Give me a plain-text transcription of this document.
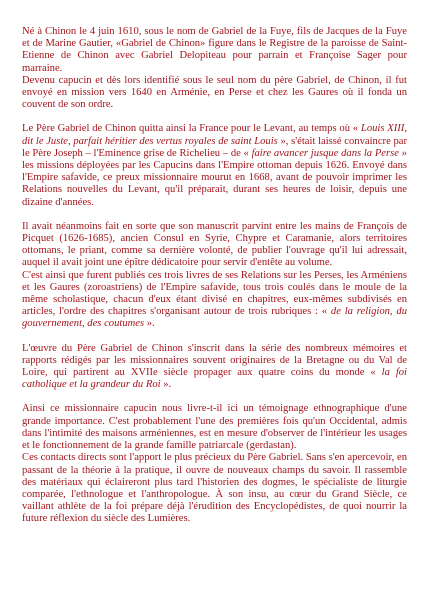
Né à Chinon le 4 juin 1610, sous le nom de Gabriel de la Fuye, fils de Jacques de la Fuye et de Marine Gautier, «Gabriel de Chinon» figure dans le Registre de la paroisse de Saint-Etienne de Chinon avec Gabriel Delopiteau pour parrain et Françoise Sager pour marraine.

Devenu capucin et dès lors identifié sous le seul nom du père Gabriel, de Chinon, il fut envoyé en mission vers 1640 en Arménie, en Perse et chez les Gaures où il fonda un couvent de son ordre.

Le Père Gabriel de Chinon quitta ainsi la France pour le Levant, au temps où « Louis XIII, dit le Juste, parfait héritier des vertus royales de saint Louis », s'était laissé convaincre par le Père Joseph – l'Eminence grise de Richelieu – de « faire avancer jusque dans la Perse » les missions déployées par les Capucins dans l'Empire ottoman depuis 1626. Envoyé dans l'Empire safavide, ce preux missionnaire mourut en 1668, avant de pouvoir imprimer les Relations nouvelles du Levant, qu'il préparait, durant ses heures de loisir, depuis une dizaine d'années.

Il avait néanmoins fait en sorte que son manuscrit parvint entre les mains de François de Picquet (1626-1685), ancien Consul en Syrie, Chypre et Caramanie, alors territoires ottomans, le priant, comme sa dernière volonté, de publier l'ouvrage qu'il lui adressait, auquel il avait joint une épître dédicatoire pour servir d'entête au volume.

C'est ainsi que furent publiés ces trois livres de ses Relations sur les Perses, les Arméniens et les Gaures (zoroastriens) de l'Empire safavide, tous trois coulés dans le moule de la même scholastique, chacun d'eux étant divisé en chapitres, eux-mêmes subdivisés en articles, l'ordre des chapitres s'organisant autour de trois rubriques : « de la religion, du gouvernement, des coutumes ».

L'œuvre du Père Gabriel de Chinon s'inscrit dans la série des nombreux mémoires et rapports rédigés par les missionnaires souvent originaires de la Bretagne ou du Val de Loire, qui partirent au XVIIe siècle propager aux quatre coins du monde « la foi catholique et la grandeur du Roi ».

Ainsi ce missionnaire capucin nous livre-t-il ici un témoignage ethnographique d'une grande importance. C'est probablement l'une des premières fois qu'un Occidental, admis dans l'intimité des maisons arméniennes, est en mesure d'observer de l'intérieur les usages et le fonctionnement de la grande famille patriarcale (gerdastan).

Ces contacts directs sont l'apport le plus précieux du Père Gabriel. Sans s'en apercevoir, en passant de la théorie à la pratique, il ouvre de nouveaux champs du savoir. Il rassemble des matériaux qui éclaireront plus tard l'historien des dogmes, le spécialiste de liturgie comparée, l'ethnologue et l'anthropologue. À son insu, au cœur du Grand Siècle, ce vaillant athlète de la foi prépare déjà l'érudition des Encyclopédistes, de quoi nourrir la future réflexion du siècle des Lumières.
